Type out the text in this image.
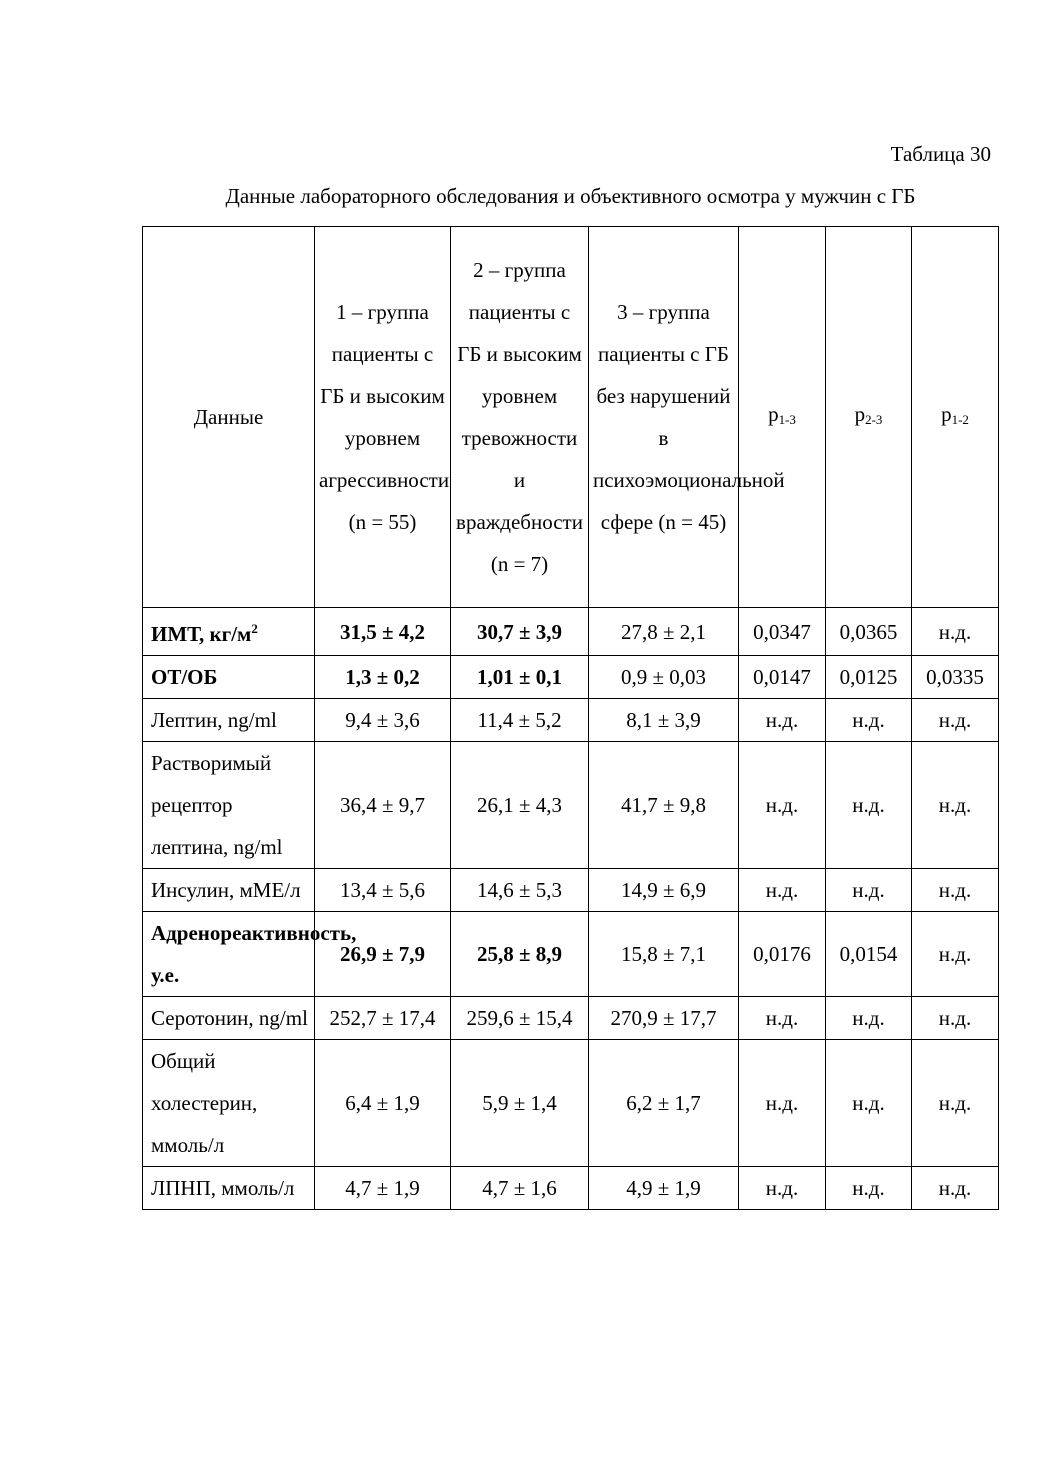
Таблица 30
Данные лабораторного обследования и объективного осмотра у мужчин с ГБ
Данные	1 – группа пациенты с ГБ и высоким уровнем агрессивности (n = 55)	2 – группа пациенты с ГБ и высоким уровнем тревожности и враждебности (n = 7)	3 – группа пациенты с ГБ без нарушений в психоэмоциональной сфере (n = 45)	$p_{1-3}$	$p_{2-3}$	$p_{1-2}$
ИМТ, $кг/м^2$	31,5 ± 4,2	30,7 ± 3,9	27,8 ± 2,1	0,0347	0,0365	н.д.
ОТ/ОБ	1,3 ± 0,2	1,01 ± 0,1	0,9 ± 0,03	0,0147	0,0125	0,0335
Лептин, ng/ml	9,4 ± 3,6	11,4 ± 5,2	8,1 ± 3,9	н.д.	н.д.	н.д.
Растворимый рецептор лептина, ng/ml	36,4 ± 9,7	26,1 ± 4,3	41,7 ± 9,8	н.д.	н.д.	н.д.
Инсулин, мМЕ/л	13,4 ± 5,6	14,6 ± 5,3	14,9 ± 6,9	н.д.	н.д.	н.д.
Адренореактивность, у.е.	26,9 ± 7,9	25,8 ± 8,9	15,8 ± 7,1	0,0176	0,0154	н.д.
Серотонин, ng/ml	252,7 ± 17,4	259,6 ± 15,4	270,9 ± 17,7	н.д.	н.д.	н.д.
Общий холестерин, ммоль/л	6,4 ± 1,9	5,9 ± 1,4	6,2 ± 1,7	н.д.	н.д.	н.д.
ЛПНП, ммоль/л	4,7 ± 1,9	4,7 ± 1,6	4,9 ± 1,9	н.д.	н.д.	н.д.
